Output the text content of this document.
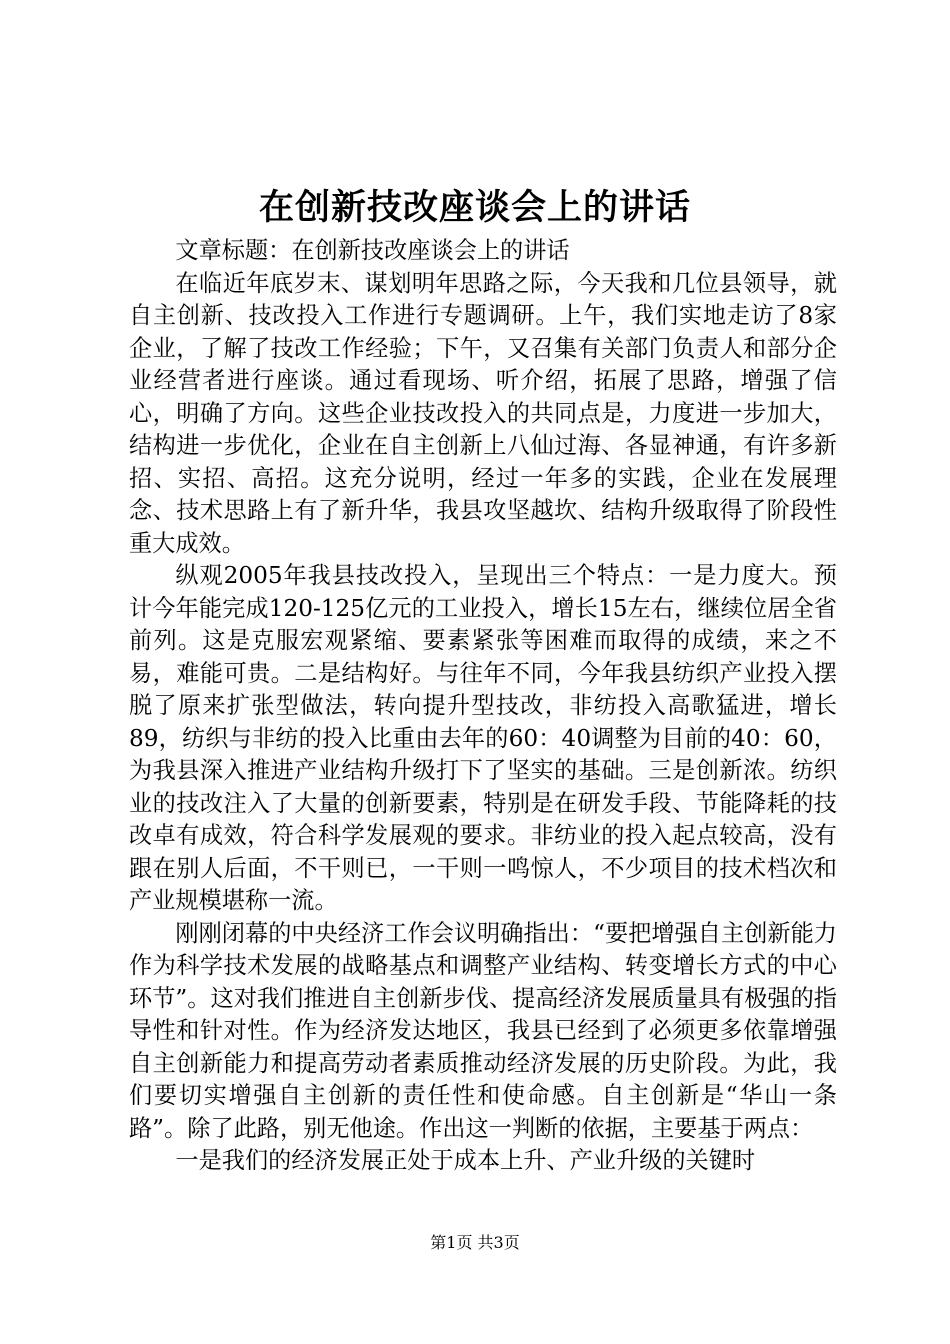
在创新技改座谈会上的讲话

文章标题：在创新技改座谈会上的讲话

在临近年底岁末、谋划明年思路之际，今天我和几位县领导，就自主创新、技改投入工作进行专题调研。上午，我们实地走访了8家企业，了解了技改工作经验；下午，又召集有关部门负责人和部分企业经营者进行座谈。通过看现场、听介绍，拓展了思路，增强了信心，明确了方向。这些企业技改投入的共同点是，力度进一步加大，结构进一步优化，企业在自主创新上八仙过海、各显神通，有许多新招、实招、高招。这充分说明，经过一年多的实践，企业在发展理念、技术思路上有了新升华，我县攻坚越坎、结构升级取得了阶段性重大成效。

纵观2005年我县技改投入，呈现出三个特点：一是力度大。预计今年能完成120-125亿元的工业投入，增长15左右，继续位居全省前列。这是克服宏观紧缩、要素紧张等困难而取得的成绩，来之不易，难能可贵。二是结构好。与往年不同，今年我县纺织产业投入摆脱了原来扩张型做法，转向提升型技改，非纺投入高歌猛进，增长89，纺织与非纺的投入比重由去年的60：40调整为目前的40：60，为我县深入推进产业结构升级打下了坚实的基础。三是创新浓。纺织业的技改注入了大量的创新要素，特别是在研发手段、节能降耗的技改卓有成效，符合科学发展观的要求。非纺业的投入起点较高，没有跟在别人后面，不干则已，一干则一鸣惊人，不少项目的技术档次和产业规模堪称一流。

刚刚闭幕的中央经济工作会议明确指出：“要把增强自主创新能力作为科学技术发展的战略基点和调整产业结构、转变增长方式的中心环节”。这对我们推进自主创新步伐、提高经济发展质量具有极强的指导性和针对性。作为经济发达地区，我县已经到了必须更多依靠增强自主创新能力和提高劳动者素质推动经济发展的历史阶段。为此，我们要切实增强自主创新的责任性和使命感。自主创新是“华山一条路”。除了此路，别无他途。作出这一判断的依据，主要基于两点：

一是我们的经济发展正处于成本上升、产业升级的关键时

第1页 共3页
